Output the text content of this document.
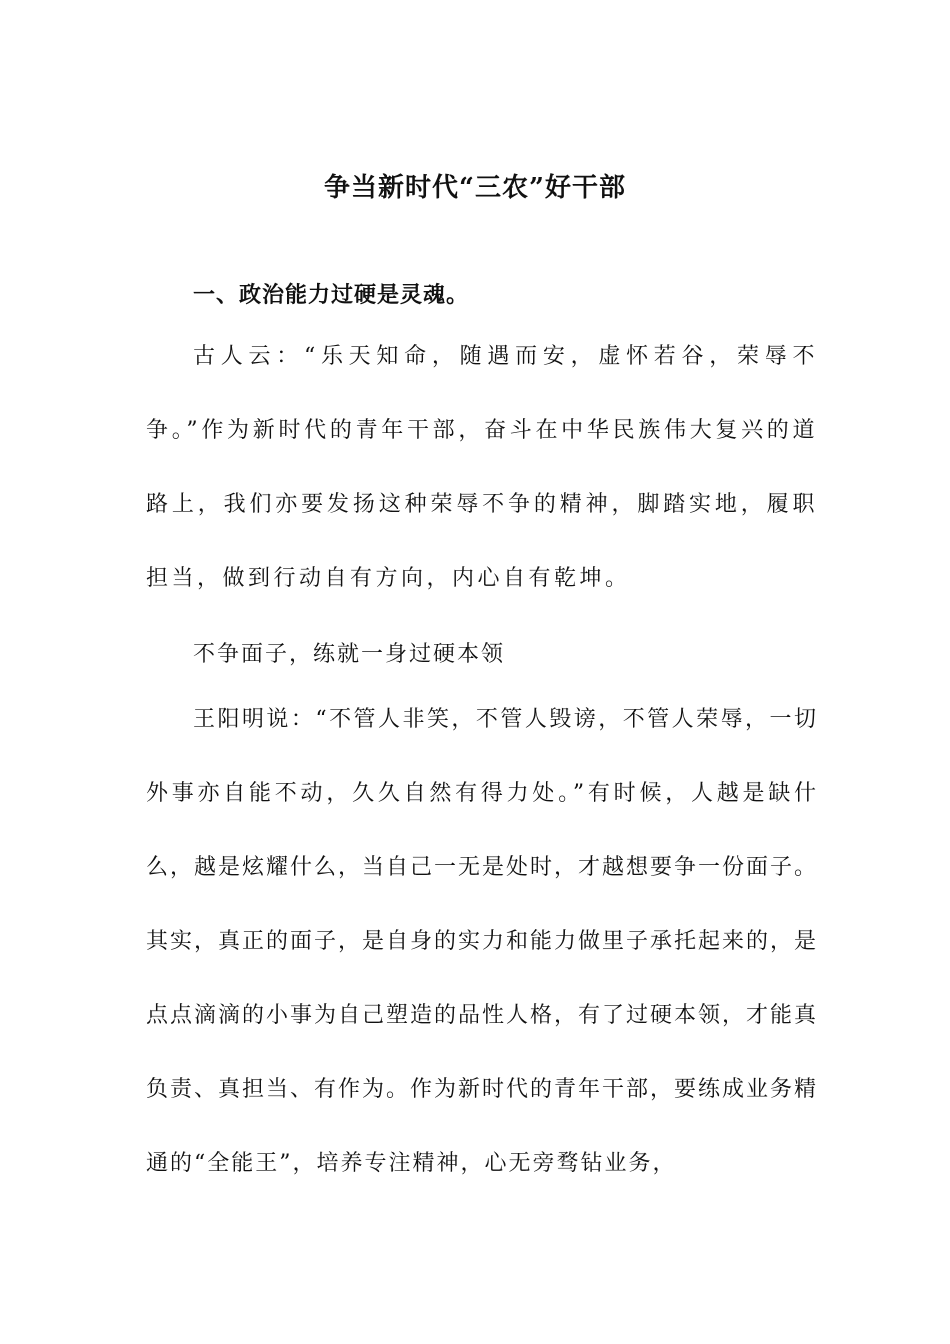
争当新时代“三农”好干部
一、政治能力过硬是灵魂。

古人云：“乐天知命，随遇而安，虚怀若谷，荣辱不争。”作为新时代的青年干部，奋斗在中华民族伟大复兴的道路上，我们亦要发扬这种荣辱不争的精神，脚踏实地，履职担当，做到行动自有方向，内心自有乾坤。

不争面子，练就一身过硬本领

王阳明说：“不管人非笑，不管人毁谤，不管人荣辱，一切外事亦自能不动，久久自然有得力处。”有时候，人越是缺什么，越是炫耀什么，当自己一无是处时，才越想要争一份面子。其实，真正的面子，是自身的实力和能力做里子承托起来的，是点点滴滴的小事为自己塑造的品性人格，有了过硬本领，才能真负责、真担当、有作为。作为新时代的青年干部，要练成业务精通的“全能王”，培养专注精神，心无旁骛钻业务，
